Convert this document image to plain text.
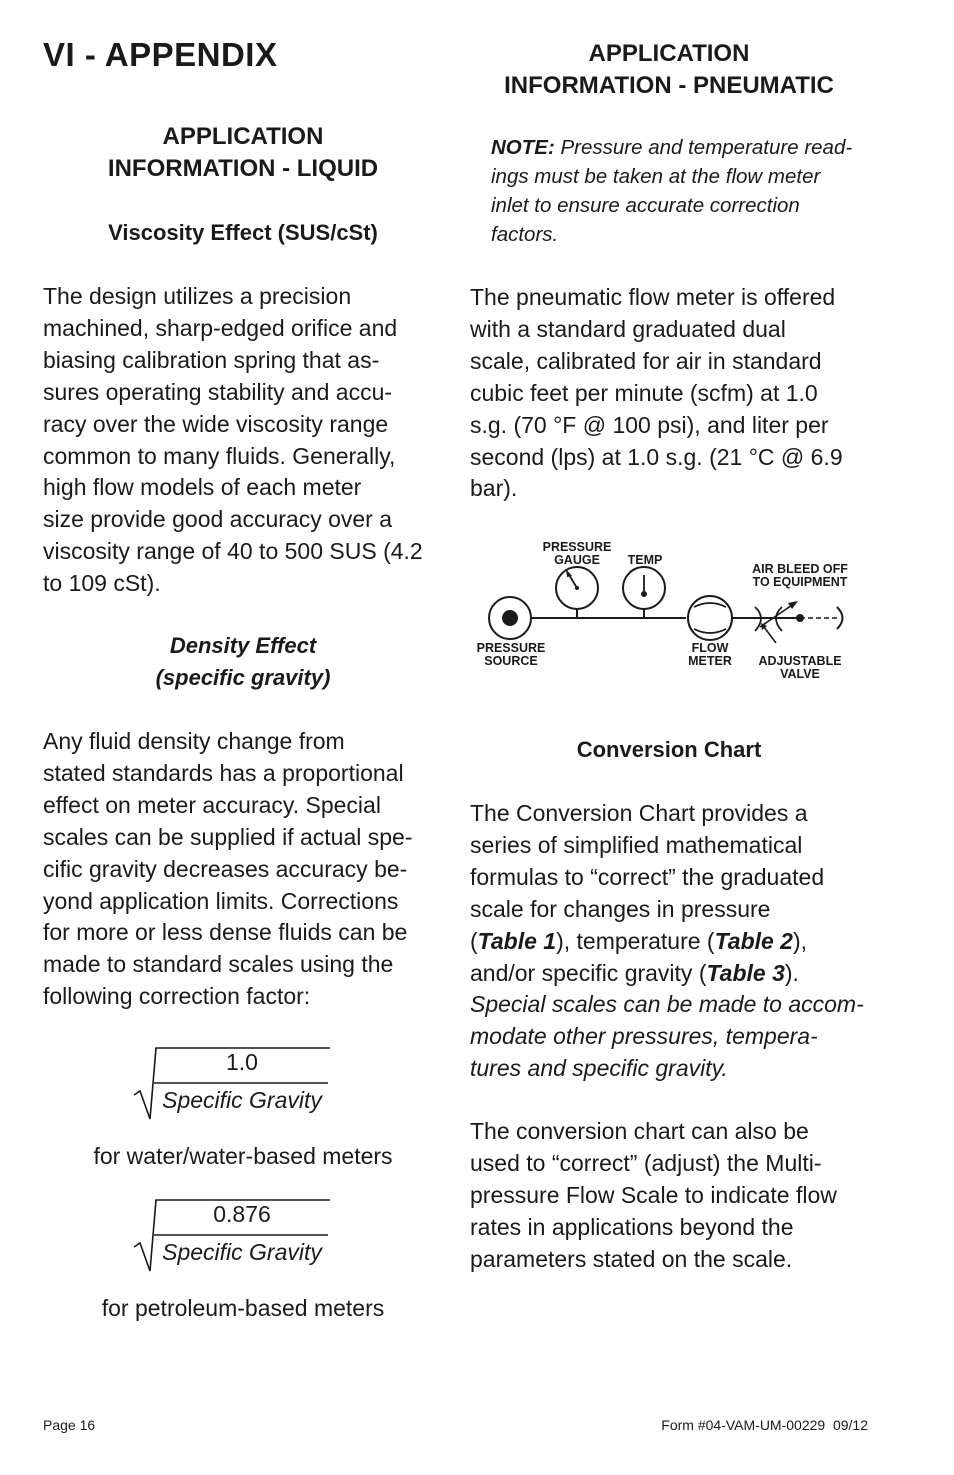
VI - APPENDIX
APPLICATION
INFORMATION - LIQUID
Viscosity Effect (SUS/cSt)

The design utilizes a precision
machined, sharp-edged orifice and
biasing calibration spring that as-
sures operating stability and accu-
racy over the wide viscosity range
common to many fluids. Generally,
high flow models of each meter
size provide good accuracy over a
viscosity range of 40 to 500 SUS (4.2
to 109 cSt).

Density Effect
(specific gravity)

Any fluid density change from
stated standards has a proportional
effect on meter accuracy. Special
scales can be supplied if actual spe-
cific gravity decreases accuracy be-
yond application limits. Corrections
for more or less dense fluids can be
made to standard scales using the
following correction factor:

1.0
Specific Gravity

for water/water-based meters

0.876
Specific Gravity

for petroleum-based meters

APPLICATION
INFORMATION - PNEUMATIC

NOTE: Pressure and temperature read-
ings must be taken at the flow meter
inlet to ensure accurate correction
factors.

The pneumatic flow meter is offered
with a standard graduated dual
scale, calibrated for air in standard
cubic feet per minute (scfm) at 1.0
s.g. (70 °F @ 100 psi), and liter per
second (lps) at 1.0 s.g. (21 °C @ 6.9
bar).

PRESSURE
GAUGE	TEMP
AIR BLEED OFF
TO EQUIPMENT
PRESSURE
SOURCE
FLOW
METER	ADJUSTABLE
VALVE
Conversion Chart

The Conversion Chart provides a
series of simplified mathematical
formulas to “correct” the graduated
scale for changes in pressure
(Table 1), temperature (Table 2),
and/or specific gravity (Table 3).
Special scales can be made to accom-
modate other pressures, tempera-
tures and specific gravity.

The conversion chart can also be
used to “correct” (adjust) the Multi-
pressure Flow Scale to indicate flow
rates in applications beyond the
parameters stated on the scale.

Page 16	Form #04-VAM-UM-00229  09/12
